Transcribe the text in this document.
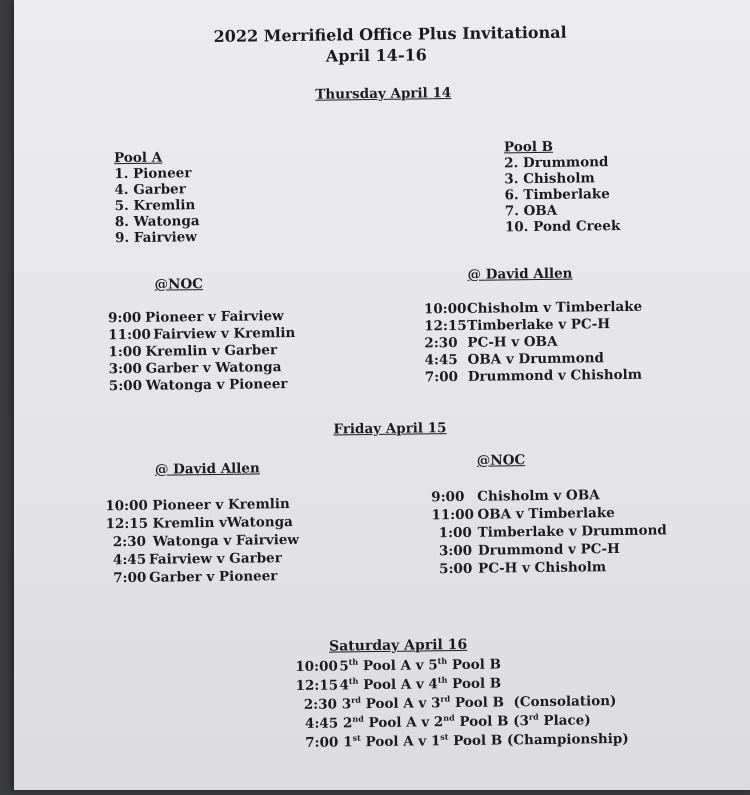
2022 Merrifield Office Plus Invitational
April 14-16
Thursday April 14
Pool A
1. Pioneer
4. Garber
5. Kremlin
8. Watonga
9. Fairview
Pool B
2. Drummond
3. Chisholm
6. Timberlake
7. OBA
10. Pond Creek
@NOC
@ David Allen
9:00 Pioneer v Fairview
11:00 Fairview v Kremlin
1:00 Kremlin v Garber
3:00 Garber v Watonga
5:00 Watonga v Pioneer
10:00Chisholm v Timberlake
12:15Timberlake v PC-H
2:30 PC-H v OBA
4:45 OBA v Drummond
7:00 Drummond v Chisholm
Friday April 15
@ David Allen	@NOC
10:00 Pioneer v Kremlin
12:15 Kremlin vWatonga
2:30 Watonga v Fairview
4:45 Fairview v Garber
7:00 Garber v Pioneer
9:00 Chisholm v OBA
11:00 OBA v Timberlake
1:00 Timberlake v Drummond
3:00 Drummond v PC-H
5:00 PC-H v Chisholm
Saturday April 16
10:005th Pool A v 5th Pool B
12:154th Pool A v 4th Pool B
2:30 3rd Pool A v 3rd Pool B  (Consolation)
4:45 2nd Pool A v 2nd Pool B (3rd Place)
7:00 1st Pool A v 1st Pool B (Championship)
